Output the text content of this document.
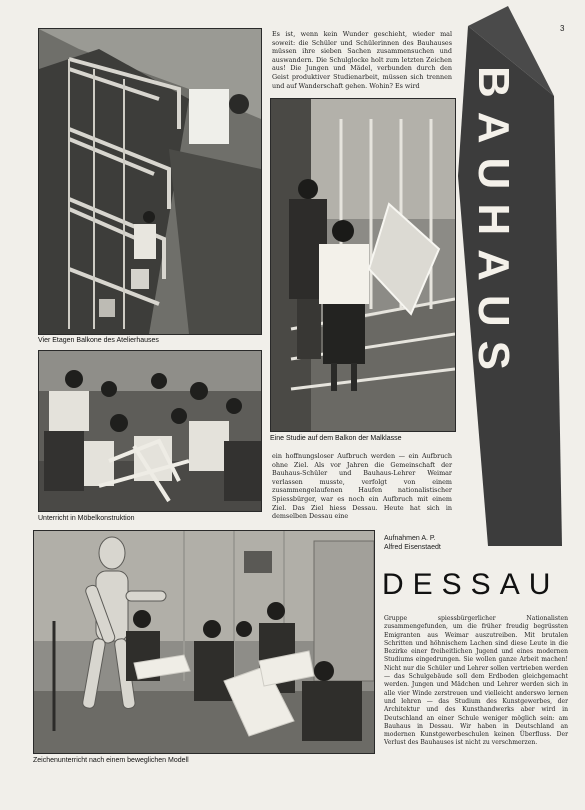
3
Vier Etagen Balkone des Atelierhauses
Es ist, wenn kein Wunder geschieht, wieder mal soweit: die Schüler und Schülerinnen des Bauhauses müssen ihre sieben Sachen zusammensuchen und auswandern. Die Schulglocke holt zum letzten Zeichen aus! Die Jungen und Mädel, verbunden durch den Geist produktiver Studienarbeit, müssen sich trennen und auf Wanderschaft gehen. Wohin? Es wird
Eine Studie auf dem Balkon der Malklasse
Unterricht in Möbelkonstruktion
ein hoffnungsloser Aufbruch werden — ein Aufbruch ohne Ziel. Als vor Jahren die Gemeinschaft der Bauhaus-Schüler und Bauhaus-Lehrer Weimar verlassen musste, verfolgt von einem zusammengelaufenen Haufen nationalistischer Spiessbürger, war es noch ein Aufbruch mit einem Ziel. Das Ziel hiess Dessau. Heute hat sich in demselben Dessau eine
BAUHAUS
Zeichenunterricht nach einem beweglichen Modell
Aufnahmen A. P.
Alfred Eisenstaedt
DESSAU
Gruppe spiessbürgerlicher Nationalisten zusammengefunden, um die früher freudig begrüssten Emigranten aus Weimar auszutreiben. Mit brutalen Schritten und höhnischem Lachen sind diese Leute in die Bezirke einer freiheitlichen Jugend und eines modernen Studiums eingedrungen. Sie wollen ganze Arbeit machen! Nicht nur die Schüler und Lehrer sollen vertrieben werden — das Schulgebäude soll dem Erdboden gleichgemacht werden. Jungen und Mädchen und Lehrer werden sich in alle vier Winde zerstreuen und vielleicht anderswo lernen und lehren — das Studium des Kunstgewerbes, der Architektur und des Kunsthandwerks aber wird in Deutschland an einer Schule weniger möglich sein: am Bauhaus in Dessau. Wir haben in Deutschland an modernen Kunstgewerbeschulen keinen Überfluss. Der Verlust des Bauhauses ist nicht zu verschmerzen.
